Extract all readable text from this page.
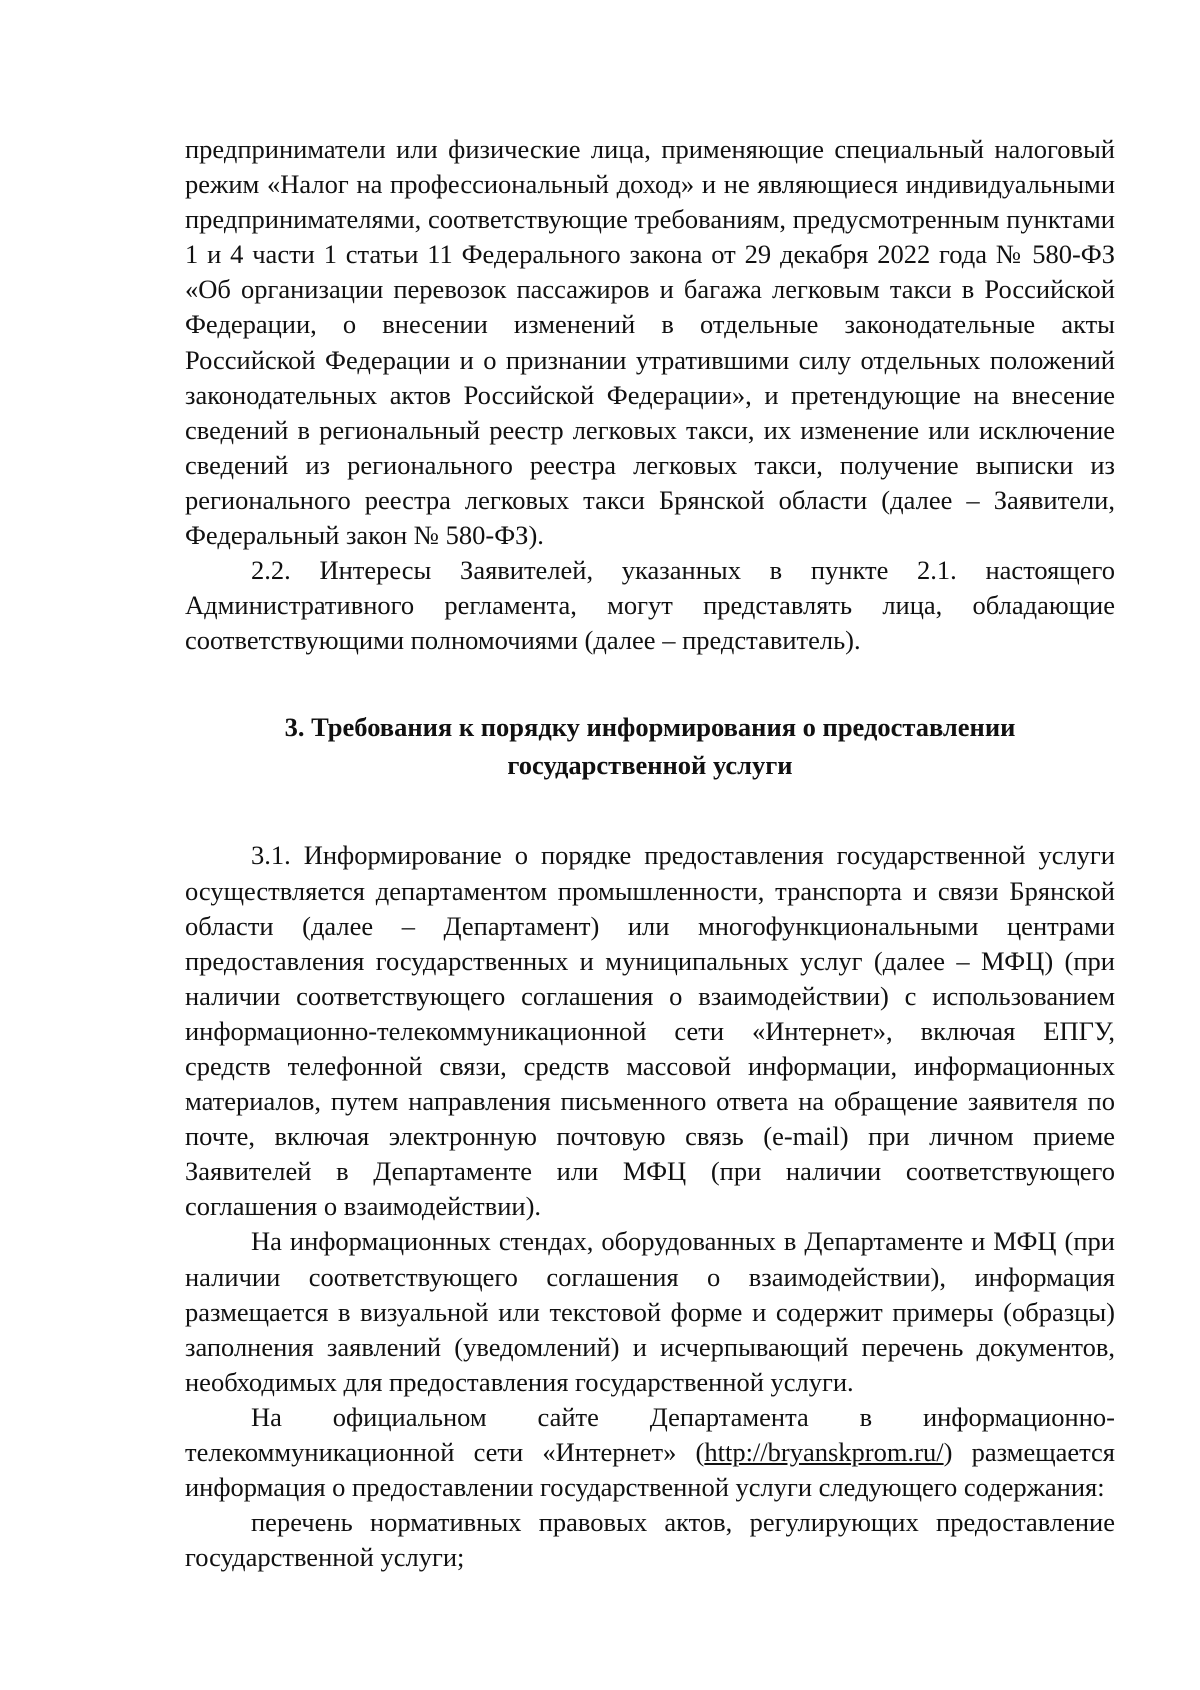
предприниматели или физические лица, применяющие специальный налоговый режим «Налог на профессиональный доход» и не являющиеся индивидуальными предпринимателями, соответствующие требованиям, предусмотренным пунктами 1 и 4 части 1 статьи 11 Федерального закона от 29 декабря 2022 года № 580-ФЗ «Об организации перевозок пассажиров и багажа легковым такси в Российской Федерации, о внесении изменений в отдельные законодательные акты Российской Федерации и о признании утратившими силу отдельных положений законодательных актов Российской Федерации», и претендующие на внесение сведений в региональный реестр легковых такси, их изменение или исключение сведений из регионального реестра легковых такси, получение выписки из регионального реестра легковых такси Брянской области (далее – Заявители, Федеральный закон № 580-ФЗ).

2.2. Интересы Заявителей, указанных в пункте 2.1. настоящего Административного регламента, могут представлять лица, обладающие соответствующими полномочиями (далее – представитель).

3. Требования к порядку информирования о предоставлении
государственной услуги

3.1. Информирование о порядке предоставления государственной услуги осуществляется департаментом промышленности, транспорта и связи Брянской области (далее – Департамент) или многофункциональными центрами предоставления государственных и муниципальных услуг (далее – МФЦ) (при наличии соответствующего соглашения о взаимодействии) с использованием информационно-телекоммуникационной сети «Интернет», включая ЕПГУ, средств телефонной связи, средств массовой информации, информационных материалов, путем направления письменного ответа на обращение заявителя по почте, включая электронную почтовую связь (e-mail) при личном приеме Заявителей в Департаменте или МФЦ (при наличии соответствующего соглашения о взаимодействии).

На информационных стендах, оборудованных в Департаменте и МФЦ (при наличии соответствующего соглашения о взаимодействии), информация размещается в визуальной или текстовой форме и содержит примеры (образцы) заполнения заявлений (уведомлений) и исчерпывающий перечень документов, необходимых для предоставления государственной услуги.

На официальном сайте Департамента в информационно-телекоммуникационной сети «Интернет» (http://bryanskprom.ru/) размещается информация о предоставлении государственной услуги следующего содержания:

перечень нормативных правовых актов, регулирующих предоставление государственной услуги;
